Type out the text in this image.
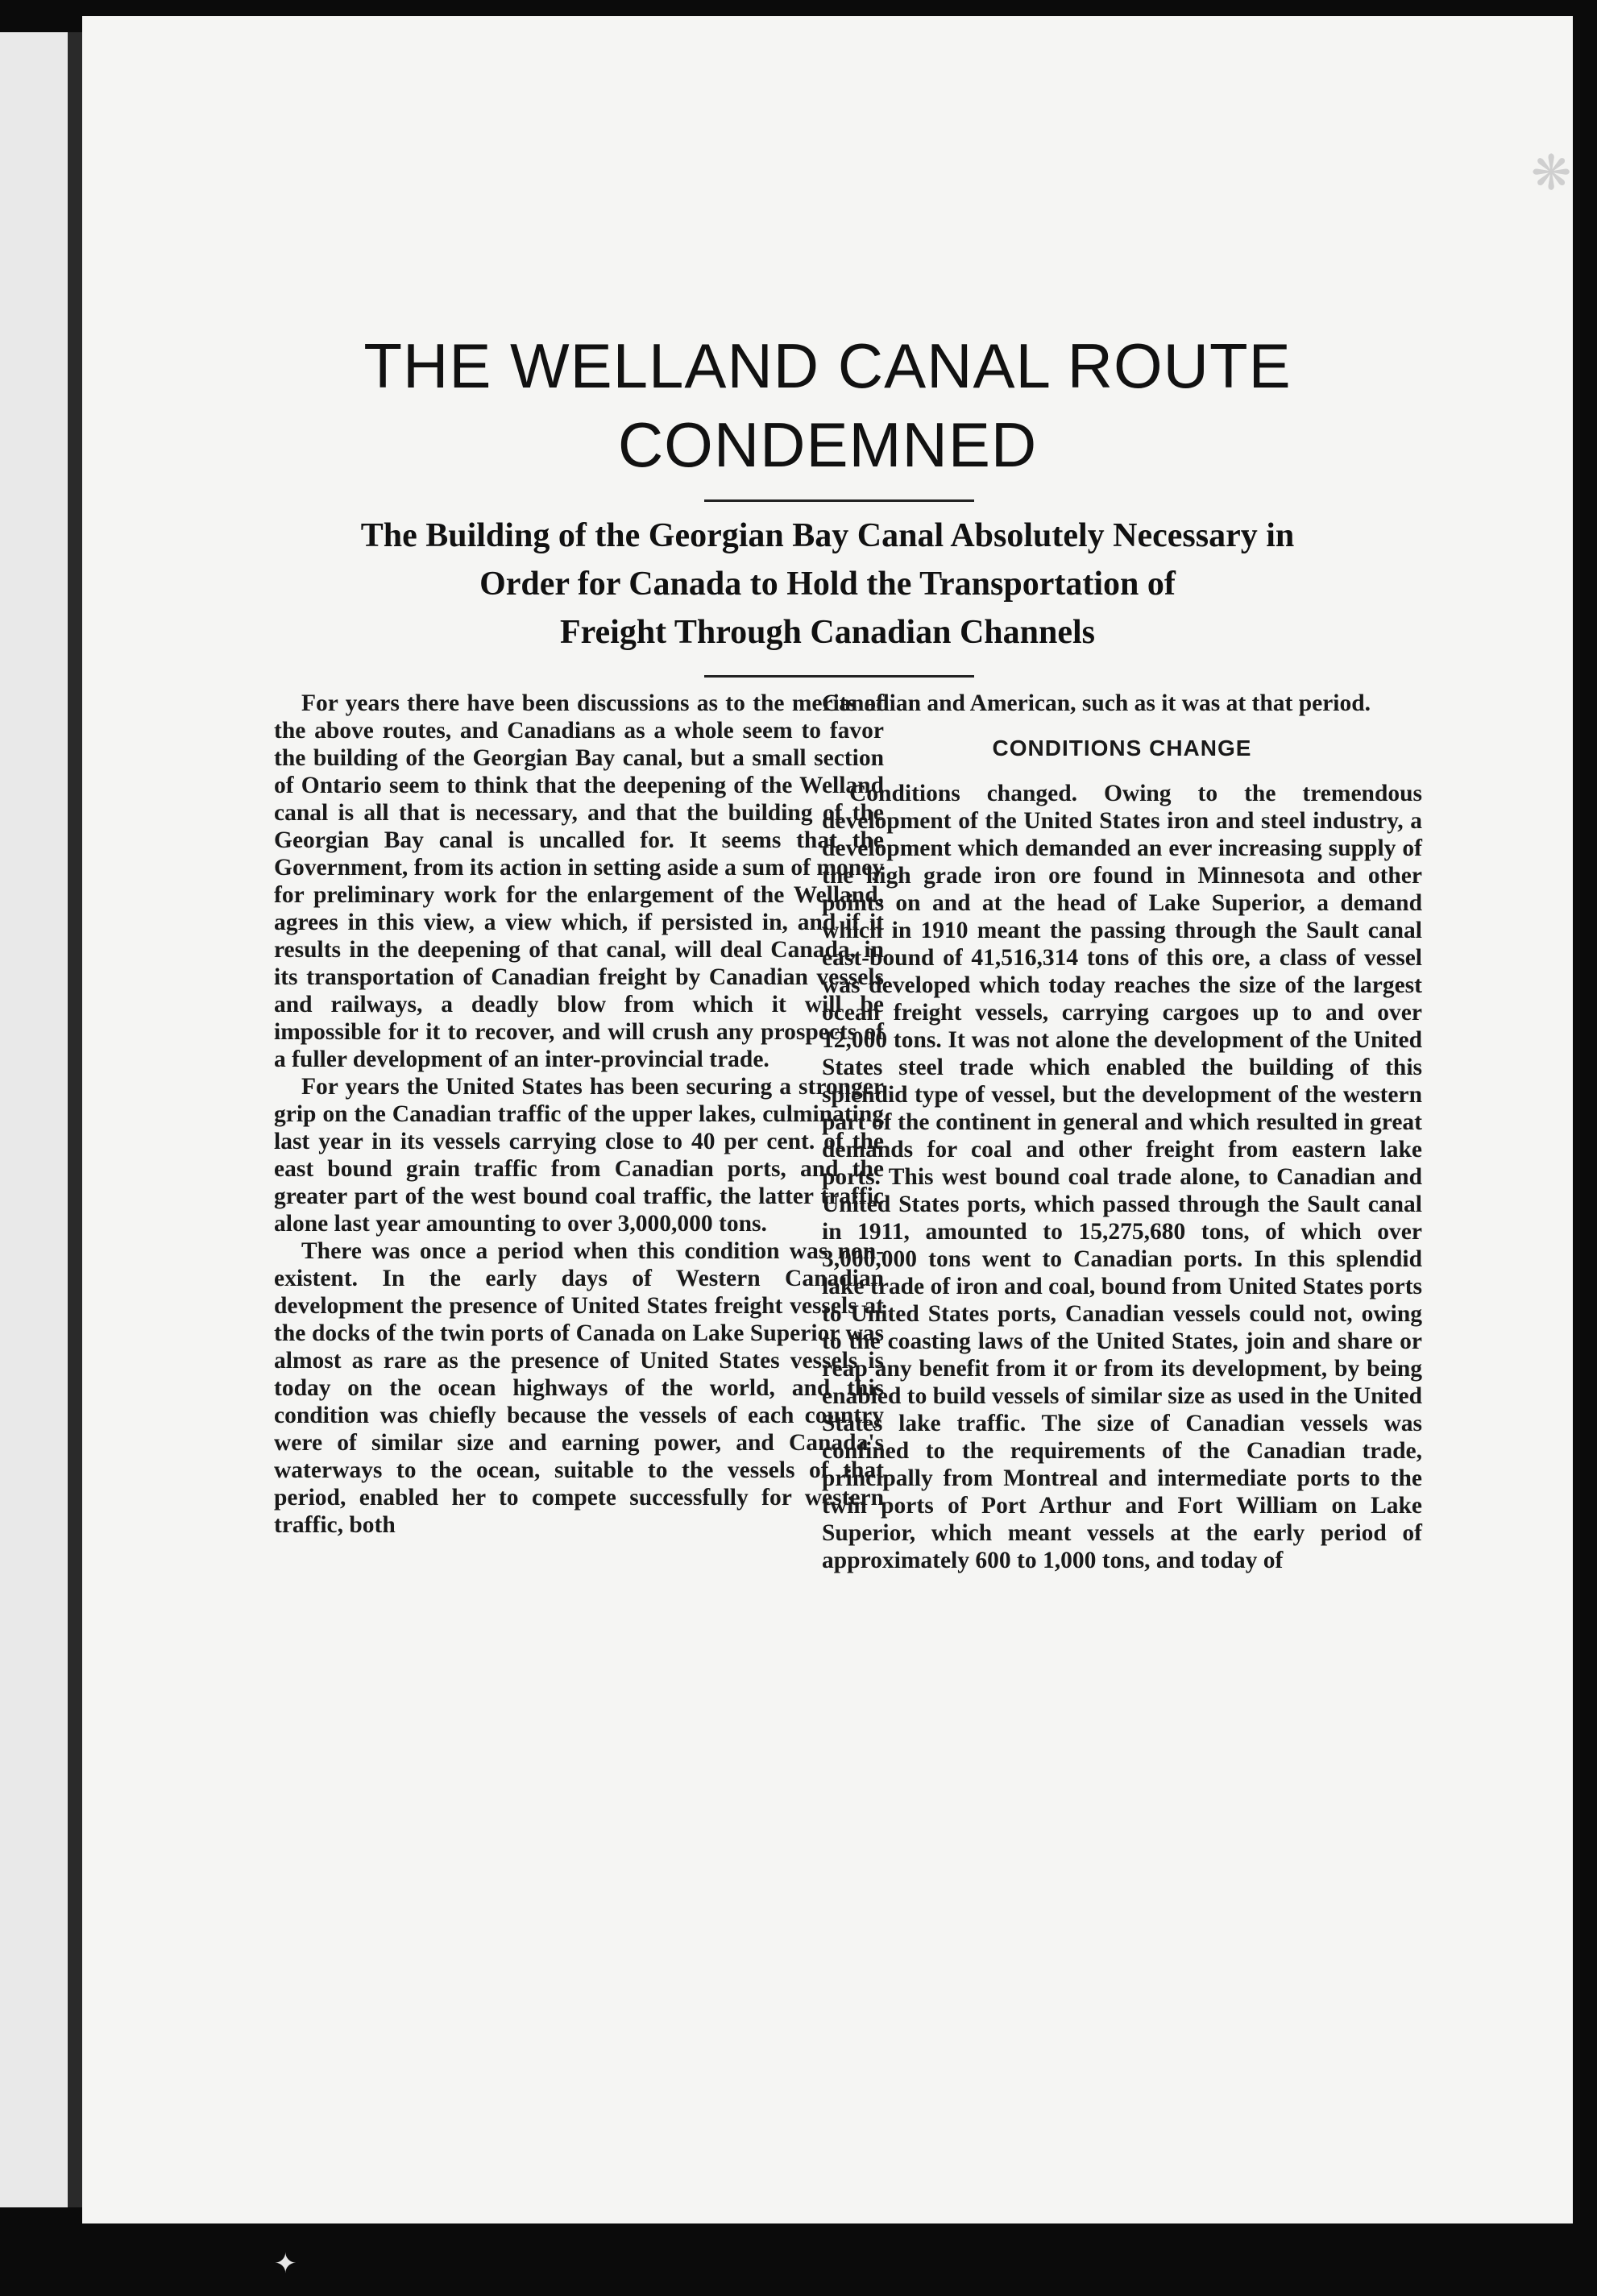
THE WELLAND CANAL ROUTE
CONDEMNED
The Building of the Georgian Bay Canal Absolutely Necessary in
Order for Canada to Hold the Transportation of
Freight Through Canadian Channels

For years there have been discussions as to the merits of the above routes, and Canadians as a whole seem to favor the building of the Georgian Bay canal, but a small section of Ontario seem to think that the deepening of the Welland canal is all that is necessary, and that the building of the Georgian Bay canal is uncalled for. It seems that the Government, from its action in setting aside a sum of money for preliminary work for the enlargement of the Welland, agrees in this view, a view which, if persisted in, and if it results in the deepening of that canal, will deal Canada, in its transportation of Canadian freight by Canadian vessels and railways, a deadly blow from which it will be impossible for it to recover, and will crush any prospects of a fuller development of an inter-provincial trade.

For years the United States has been securing a stronger grip on the Canadian traffic of the upper lakes, culminating last year in its vessels carrying close to 40 per cent. of the east bound grain traffic from Canadian ports, and the greater part of the west bound coal traffic, the latter traffic alone last year amounting to over 3,000,000 tons.

There was once a period when this condition was non-existent. In the early days of Western Canadian development the presence of United States freight vessels at the docks of the twin ports of Canada on Lake Superior was almost as rare as the presence of United States vessels is today on the ocean highways of the world, and this condition was chiefly because the vessels of each country were of similar size and earning power, and Canada's waterways to the ocean, suitable to the vessels of that period, enabled her to compete successfully for western traffic, both

Canadian and American, such as it was at that period.

CONDITIONS CHANGE

Conditions changed. Owing to the tremendous development of the United States iron and steel industry, a development which demanded an ever increasing supply of the high grade iron ore found in Minnesota and other points on and at the head of Lake Superior, a demand which in 1910 meant the passing through the Sault canal east-bound of 41,516,314 tons of this ore, a class of vessel was developed which today reaches the size of the largest ocean freight vessels, carrying cargoes up to and over 12,000 tons. It was not alone the development of the United States steel trade which enabled the building of this splendid type of vessel, but the development of the western part of the continent in general and which resulted in great demands for coal and other freight from eastern lake ports. This west bound coal trade alone, to Canadian and United States ports, which passed through the Sault canal in 1911, amounted to 15,275,680 tons, of which over 3,000,000 tons went to Canadian ports. In this splendid lake trade of iron and coal, bound from United States ports to United States ports, Canadian vessels could not, owing to the coasting laws of the United States, join and share or reap any benefit from it or from its development, by being enabled to build vessels of similar size as used in the United States lake traffic. The size of Canadian vessels was confined to the requirements of the Canadian trade, principally from Montreal and intermediate ports to the twin ports of Port Arthur and Fort William on Lake Superior, which meant vessels at the early period of approximately 600 to 1,000 tons, and today of

✦
❋
